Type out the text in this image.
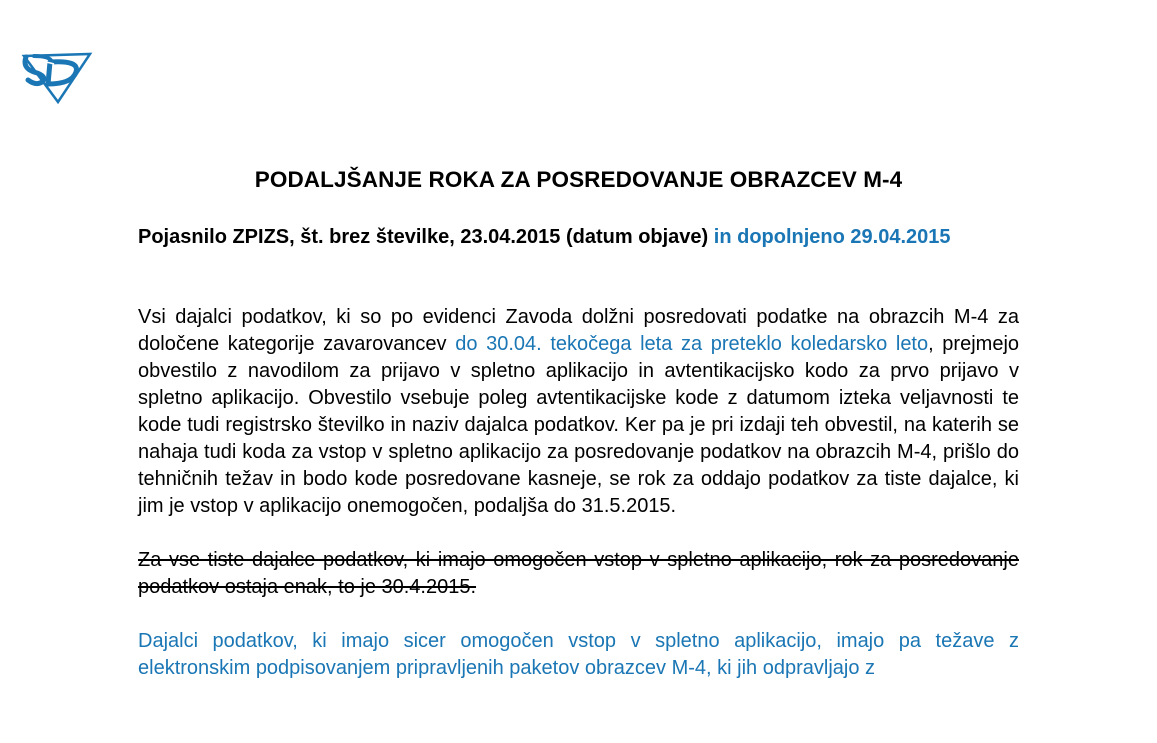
PODALJŠANJE ROKA ZA POSREDOVANJE OBRAZCEV M-4

Pojasnilo ZPIZS, št. brez številke, 23.04.2015 (datum objave) in dopolnjeno 29.04.2015

Vsi dajalci podatkov, ki so po evidenci Zavoda dolžni posredovati podatke na obrazcih M-4 za določene kategorije zavarovancev do 30.04. tekočega leta za preteklo koledarsko leto, prejmejo obvestilo z navodilom za prijavo v spletno aplikacijo in avtentikacijsko kodo za prvo prijavo v spletno aplikacijo. Obvestilo vsebuje poleg avtentikacijske kode z datumom izteka veljavnosti te kode tudi registrsko številko in naziv dajalca podatkov. Ker pa je pri izdaji teh obvestil, na katerih se nahaja tudi koda za vstop v spletno aplikacijo za posredovanje podatkov na obrazcih M-4, prišlo do tehničnih težav in bodo kode posredovane kasneje, se rok za oddajo podatkov za tiste dajalce, ki jim je vstop v aplikacijo onemogočen, podaljša do 31.5.2015.

Za vse tiste dajalce podatkov, ki imajo omogočen vstop v spletno aplikacijo, rok za posredovanje podatkov ostaja enak, to je 30.4.2015.

Dajalci podatkov, ki imajo sicer omogočen vstop v spletno aplikacijo, imajo pa težave z elektronskim podpisovanjem pripravljenih paketov obrazcev M-4, ki jih odpravljajo z
